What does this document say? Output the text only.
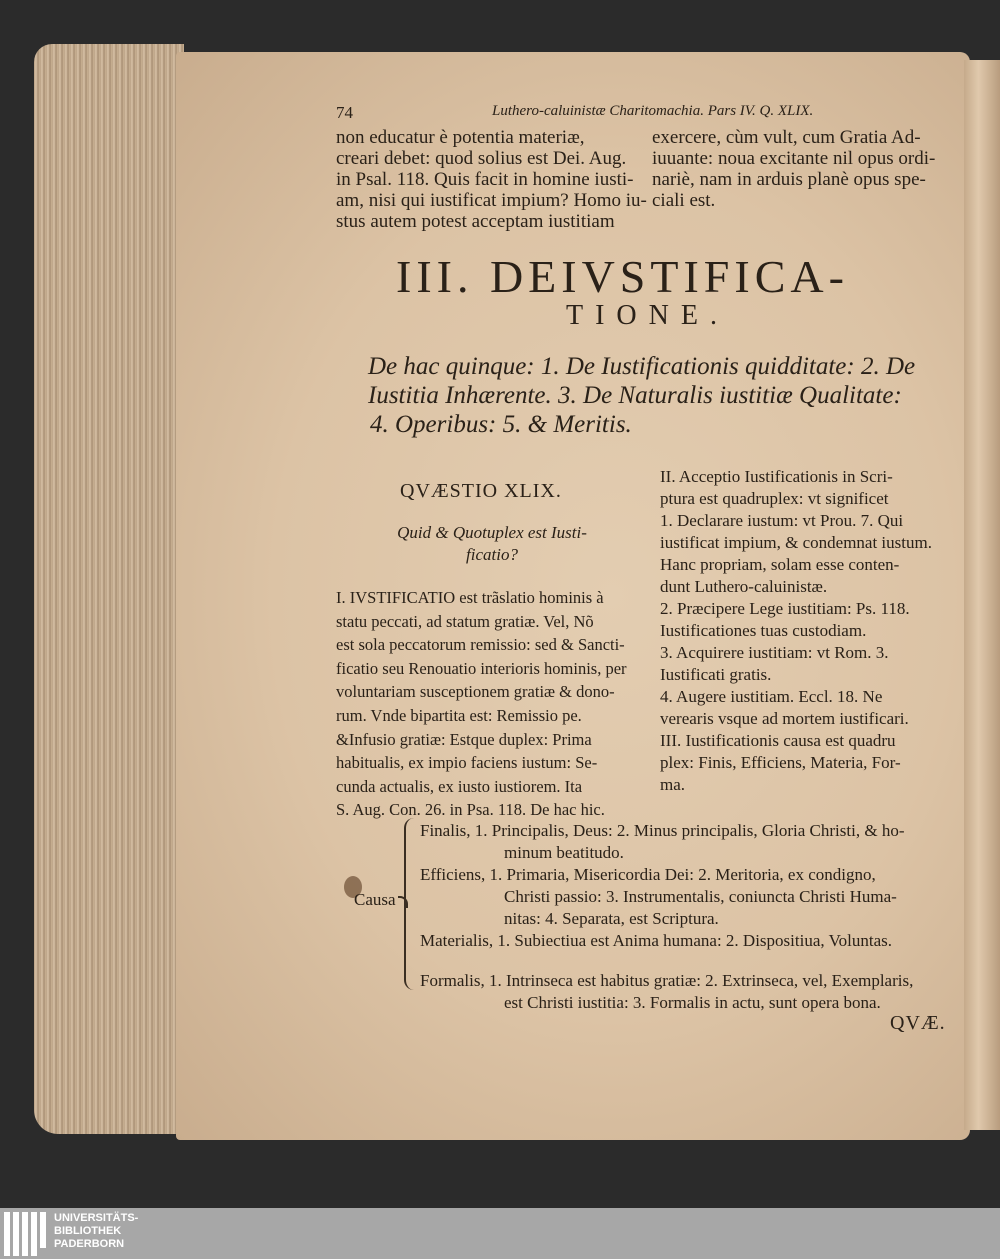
74	Luthero-caluinistæ Charitomachia. Pars IV. Q. XLIX.
non educatur è potentia materiæ,
creari debet: quod solius est Dei. Aug.
in Psal. 118. Quis facit in homine iusti-
am, nisi qui iustificat impium? Homo iu-
stus autem potest acceptam iustitiam
exercere, cùm vult, cum Gratia Ad-
iuuante: noua excitante nil opus ordi-
nariè, nam in arduis planè opus spe-
ciali est.
III. DEIVSTIFICA-
TIONE.
De hac quinque: 1. De Iustificationis quidditate: 2. De
Iustitia Inhærente. 3. De Naturalis iustitiæ Qualitate:
4. Operibus: 5. & Meritis.
QVÆSTIO XLIX.
Quid & Quotuplex est Iusti-
ficatio?
I. IVSTIFICATIO est trãslatio hominis à
statu peccati, ad statum gratiæ. Vel, Nõ
est sola peccatorum remissio: sed & Sancti-
ficatio seu Renouatio interioris hominis, per
voluntariam susceptionem gratiæ & dono-
rum. Vnde bipartita est: Remissio pe.
&Infusio gratiæ: Estque duplex: Prima
habitualis, ex impio faciens iustum: Se-
cunda actualis, ex iusto iustiorem. Ita
S. Aug. Con. 26. in Psa. 118. De hac hic.
II. Acceptio Iustificationis in Scri-
ptura est quadruplex: vt significet
1. Declarare iustum: vt Prou. 7. Qui
iustificat impium, & condemnat iustum.
Hanc propriam, solam esse conten-
dunt Luthero-caluinistæ.
2. Præcipere Lege iustitiam: Ps. 118.
Iustificationes tuas custodiam.
3. Acquirere iustitiam: vt Rom. 3.
Iustificati gratis.
4. Augere iustitiam. Eccl. 18. Ne
verearis vsque ad mortem iustificari.
III. Iustificationis causa est quadru
plex: Finis, Efficiens, Materia, For-
ma.
Causa
Finalis, 1. Principalis, Deus: 2. Minus principalis, Gloria Christi, & ho-
minum beatitudo.
Efficiens, 1. Primaria, Misericordia Dei: 2. Meritoria, ex condigno,
Christi passio: 3. Instrumentalis, coniuncta Christi Huma-
nitas: 4. Separata, est Scriptura.
Materialis, 1. Subiectiua est Anima humana: 2. Dispositiua, Voluntas.
Formalis, 1. Intrinseca est habitus gratiæ: 2. Extrinseca, vel, Exemplaris,
est Christi iustitia: 3. Formalis in actu, sunt opera bona.
QVÆ.
UNIVERSITÄTS-
BIBLIOTHEK
PADERBORN
